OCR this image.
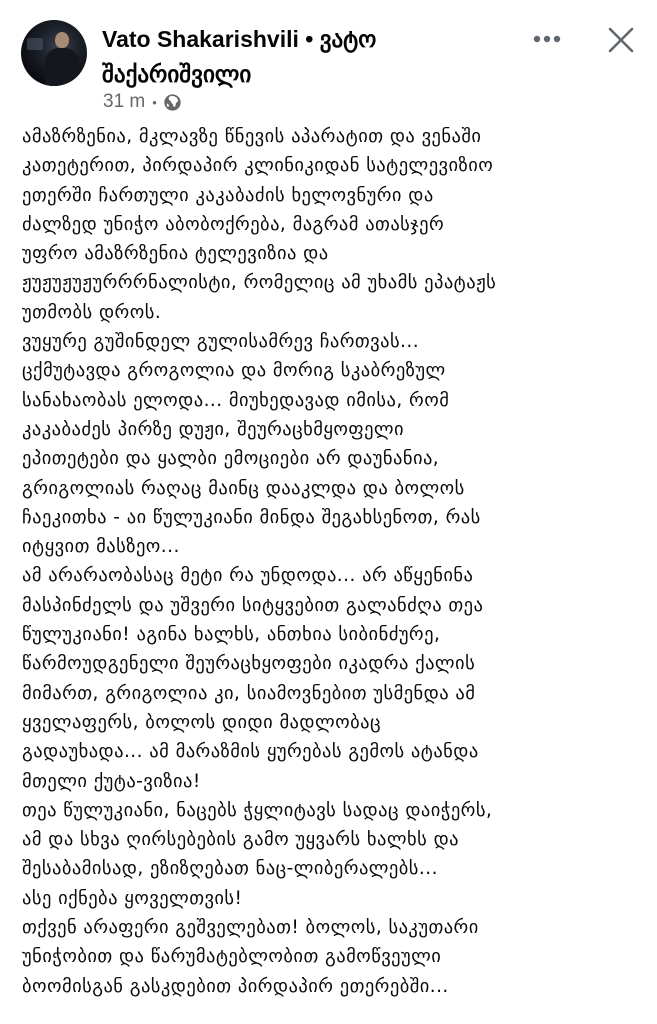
Vato Shakarishvili • ვატო შაქარიშვილი
31 m •
ამაზრზენია, მკლავზე წნევის აპარატით და ვენაში
კათეტერით, პირდაპირ კლინიკიდან სატელევიზიო
ეთერში ჩართული კაკაბაძის ხელოვნური და
ძალზედ უნიჭო აბობოქრება, მაგრამ ათასჯერ
უფრო ამაზრზენია ტელევიზია და
ჟუჟუჟუჟურრრნალისტი, რომელიც ამ უხამს ეპატაჟს
უთმობს დროს.
ვუყურე გუშინდელ გულისამრევ ჩართვას...
ცქმუტავდა გროგოლია და მორიგ სკაბრეზულ
სანახაობას ელოდა... მიუხედავად იმისა, რომ
კაკაბაძეს პირზე დუჟი, შეურაცხმყოფელი
ეპითეტები და ყალბი ემოციები არ დაუნანია,
გრიგოლიას რაღაც მაინც დააკლდა და ბოლოს
ჩაეკითხა - აი წულუკიანი მინდა შეგახსენოთ, რას
იტყვით მასზეო...
ამ არარაობასაც მეტი რა უნდოდა... არ აწყენინა
მასპინძელს და უშვერი სიტყვებით გალანძღა თეა
წულუკიანი! აგინა ხალხს, ანთხია სიბინძურე,
წარმოუდგენელი შეურაცხყოფები იკადრა ქალის
მიმართ, გრიგოლია კი, სიამოვნებით უსმენდა ამ
ყველაფერს, ბოლოს დიდი მადლობაც
გადაუხადა... ამ მარაზმის ყურებას გემოს ატანდა
მთელი ქუტა-ვიზია!
თეა წულუკიანი, ნაცებს ჭყლიტავს სადაც დაიჭერს,
ამ და სხვა ღირსებების გამო უყვარს ხალხს და
შესაბამისად, ეზიზღებათ ნაც-ლიბერალებს...
ასე იქნება ყოველთვის!
თქვენ არაფერი გეშველებათ! ბოლოს, საკუთარი
უნიჭობით და წარუმატებლობით გამოწვეული
ბოომისგან გასკდებით პირდაპირ ეთერებში...
